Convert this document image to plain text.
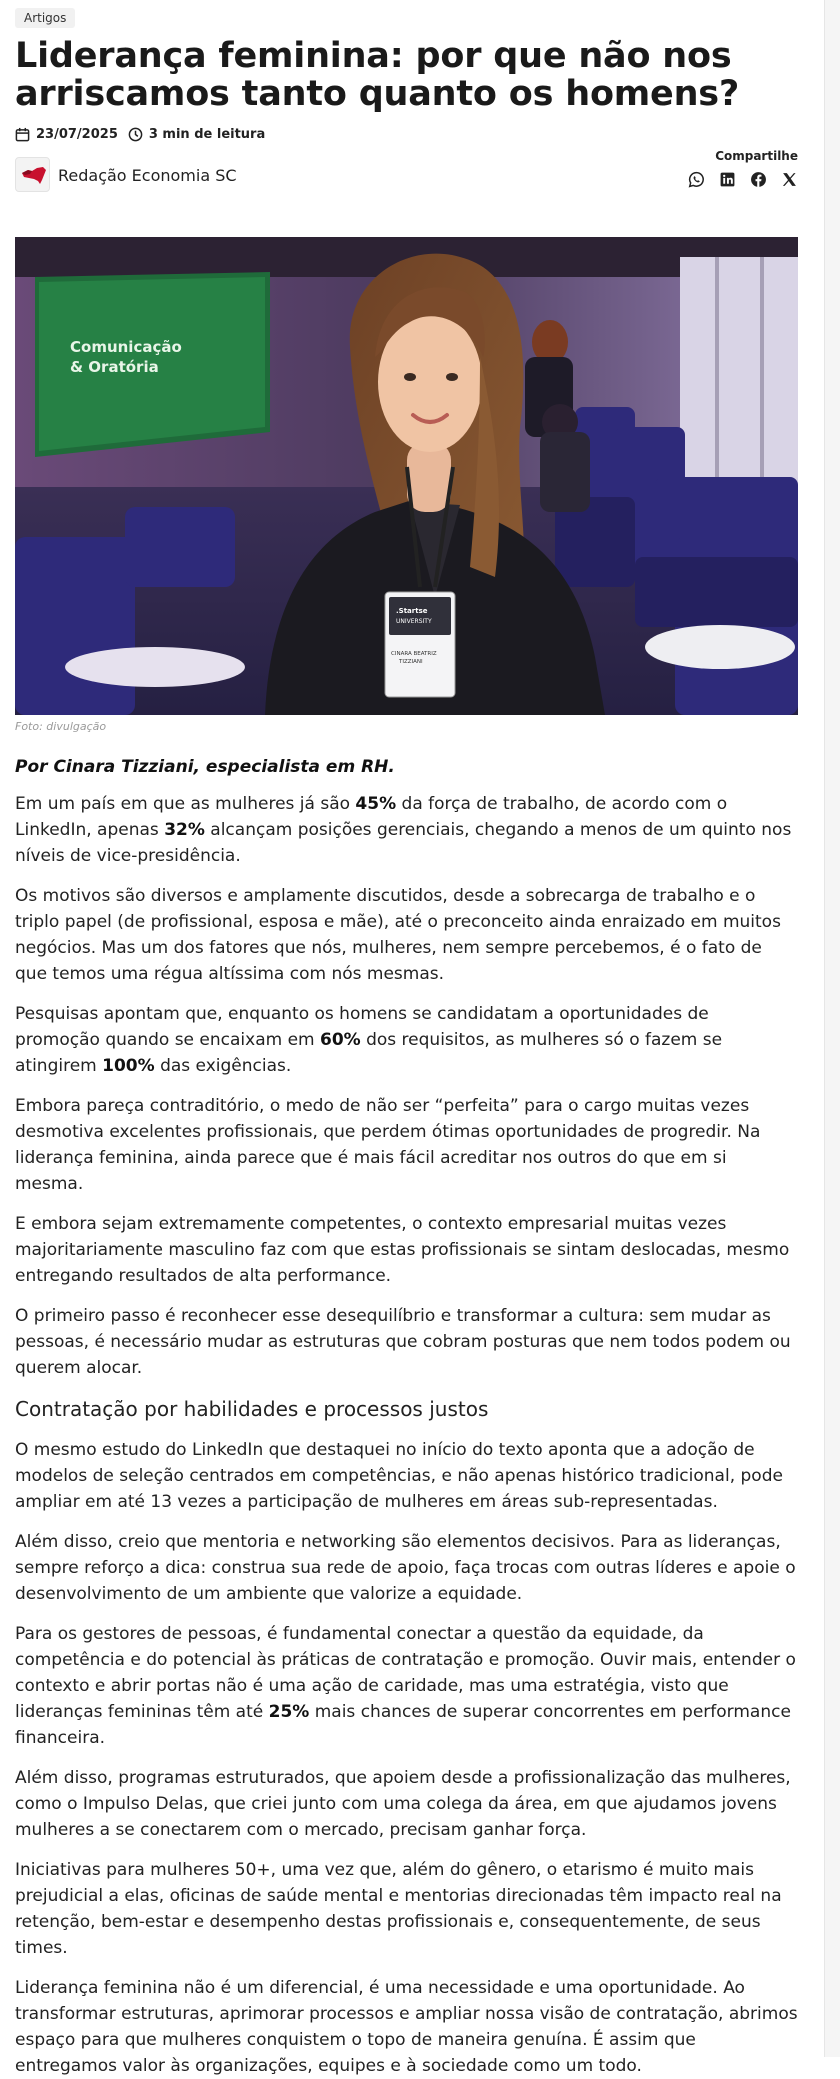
Artigos
Liderança feminina: por que não nos arriscamos tanto quanto os homens?
23/07/2025 3 min de leitura
Redação Economia SC
Compartilhe
Comunicação
& Oratória
.Startse
UNIVERSITY
CINARA BEATRIZ
TIZZIANI
Foto: divulgação
Por Cinara Tizziani, especialista em RH.

Em um país em que as mulheres já são 45% da força de trabalho, de acordo com o LinkedIn, apenas 32% alcançam posições gerenciais, chegando a menos de um quinto nos níveis de vice-presidência.

Os motivos são diversos e amplamente discutidos, desde a sobrecarga de trabalho e o triplo papel (de profissional, esposa e mãe), até o preconceito ainda enraizado em muitos negócios. Mas um dos fatores que nós, mulheres, nem sempre percebemos, é o fato de que temos uma régua altíssima com nós mesmas.

Pesquisas apontam que, enquanto os homens se candidatam a oportunidades de promoção quando se encaixam em 60% dos requisitos, as mulheres só o fazem se atingirem 100% das exigências.

Embora pareça contraditório, o medo de não ser “perfeita” para o cargo muitas vezes desmotiva excelentes profissionais, que perdem ótimas oportunidades de progredir. Na liderança feminina, ainda parece que é mais fácil acreditar nos outros do que em si mesma.

E embora sejam extremamente competentes, o contexto empresarial muitas vezes majoritariamente masculino faz com que estas profissionais se sintam deslocadas, mesmo entregando resultados de alta performance.

O primeiro passo é reconhecer esse desequilíbrio e transformar a cultura: sem mudar as pessoas, é necessário mudar as estruturas que cobram posturas que nem todos podem ou querem alocar.

Contratação por habilidades e processos justos

O mesmo estudo do LinkedIn que destaquei no início do texto aponta que a adoção de modelos de seleção centrados em competências, e não apenas histórico tradicional, pode ampliar em até 13 vezes a participação de mulheres em áreas sub-representadas.

Além disso, creio que mentoria e networking são elementos decisivos. Para as lideranças, sempre reforço a dica: construa sua rede de apoio, faça trocas com outras líderes e apoie o desenvolvimento de um ambiente que valorize a equidade.

Para os gestores de pessoas, é fundamental conectar a questão da equidade, da competência e do potencial às práticas de contratação e promoção. Ouvir mais, entender o contexto e abrir portas não é uma ação de caridade, mas uma estratégia, visto que lideranças femininas têm até 25% mais chances de superar concorrentes em performance financeira.

Além disso, programas estruturados, que apoiem desde a profissionalização das mulheres, como o Impulso Delas, que criei junto com uma colega da área, em que ajudamos jovens mulheres a se conectarem com o mercado, precisam ganhar força.

Iniciativas para mulheres 50+, uma vez que, além do gênero, o etarismo é muito mais prejudicial a elas, oficinas de saúde mental e mentorias direcionadas têm impacto real na retenção, bem-estar e desempenho destas profissionais e, consequentemente, de seus times.

Liderança feminina não é um diferencial, é uma necessidade e uma oportunidade. Ao transformar estruturas, aprimorar processos e ampliar nossa visão de contratação, abrimos espaço para que mulheres conquistem o topo de maneira genuína. É assim que entregamos valor às organizações, equipes e à sociedade como um todo.
